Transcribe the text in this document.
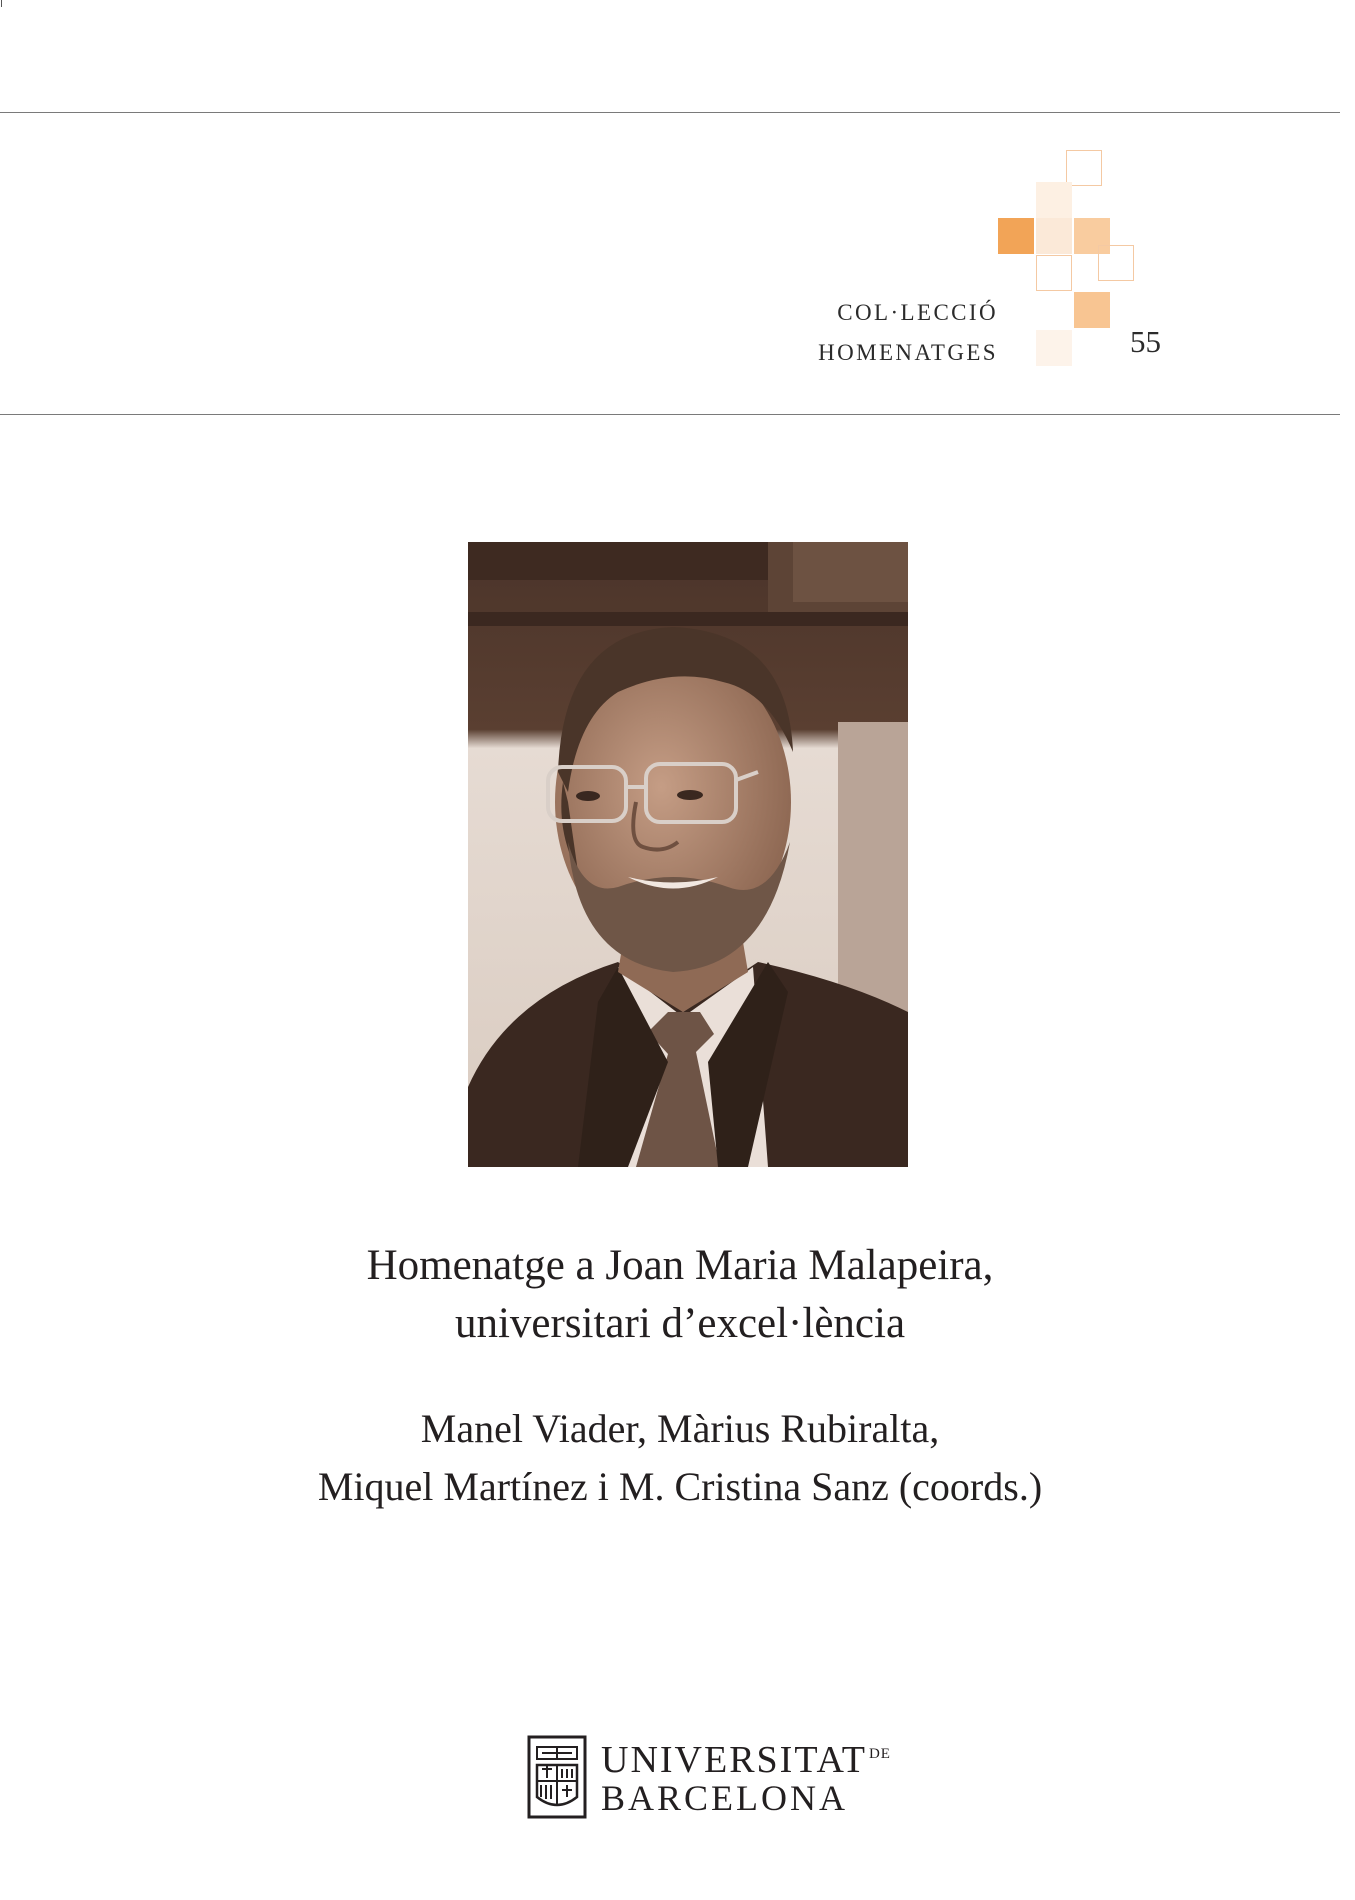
COL·LECCIÓ
HOMENATGES	55
Homenatge a Joan Maria Malapeira,
universitari d’excel·lència
Manel Viader, Màrius Rubiralta,
Miquel Martínez i M. Cristina Sanz (coords.)
UNIVERSITAT $^{DE}$
BARCELONA
